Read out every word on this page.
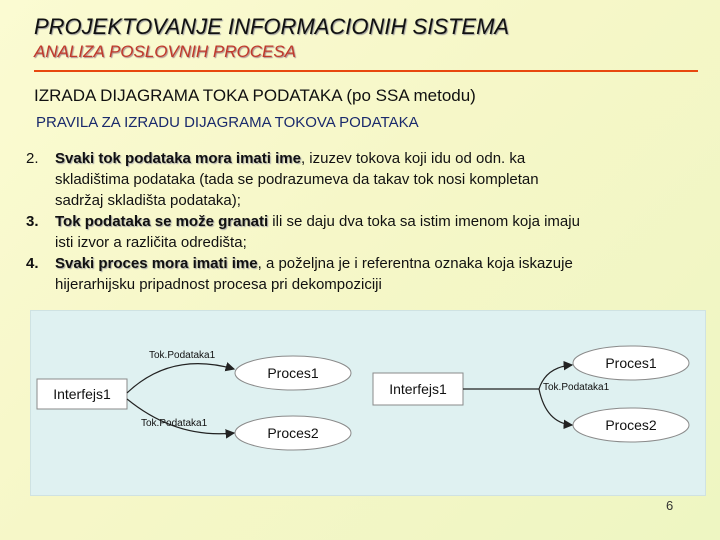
PROJEKTOVANJE INFORMACIONIH SISTEMA
ANALIZA POSLOVNIH PROCESA
IZRADA DIJAGRAMA TOKA PODATAKA (po SSA metodu)
PRAVILA ZA IZRADU DIJAGRAMA TOKOVA PODATAKA
2. Svaki tok podataka mora imati ime, izuzev tokova koji idu od odn. ka skladištima podataka (tada se podrazumeva da takav tok nosi kompletan sadržaj skladišta podataka);
3. Tok podataka se može granati ili se daju dva toka sa istim imenom koja imaju isti izvor a različita odredišta;
4. Svaki proces mora imati ime, a poželjna je i referentna oznaka koja iskazuje hijerarhijsku pripadnost procesa pri dekompoziciji
Interfejs1
Proces1
Proces2
Tok.Podataka1
Tok.Podataka1
Interfejs1
Proces1
Proces2
Tok.Podataka1
6
